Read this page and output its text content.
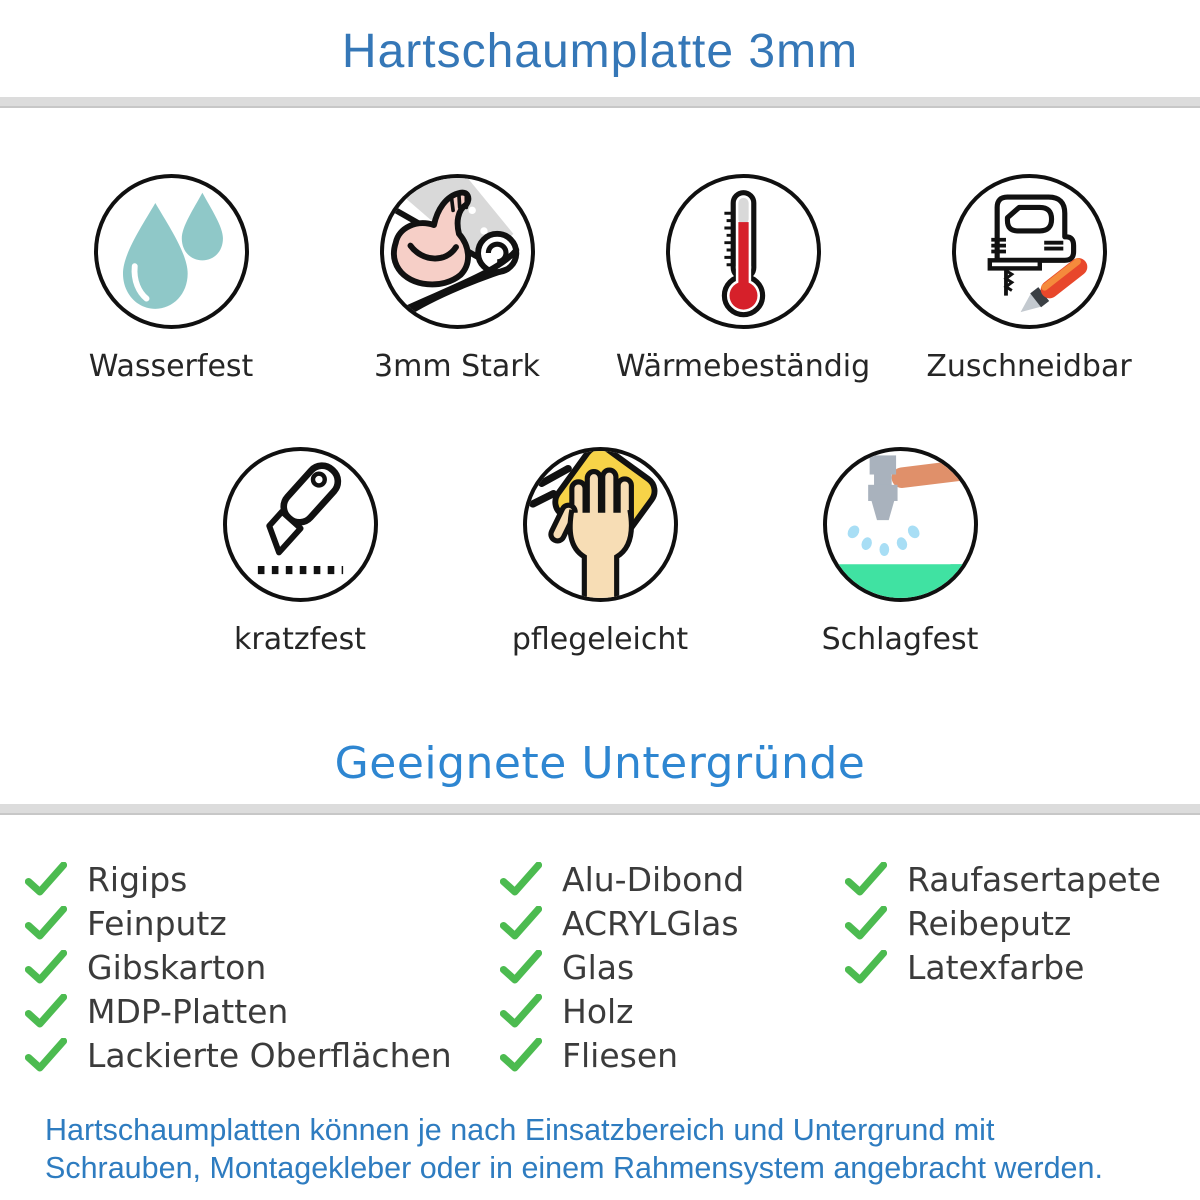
Hartschaumplatte 3mm
Wasserfest	3mm Stark	Wärmebeständig Zuschneidbar
kratzfest	pflegeleicht	Schlagfest
Geeignete Untergründe
Rigips
Feinputz
Gibskarton
MDP-Platten
Lackierte Oberflächen
Alu-Dibond
ACRYLGlas
Glas
Holz
Fliesen
Raufasertapete
Reibeputz
Latexfarbe
Hartschaumplatten können je nach Einsatzbereich und Untergrund mit
Schrauben, Montagekleber oder in einem Rahmensystem angebracht werden.
